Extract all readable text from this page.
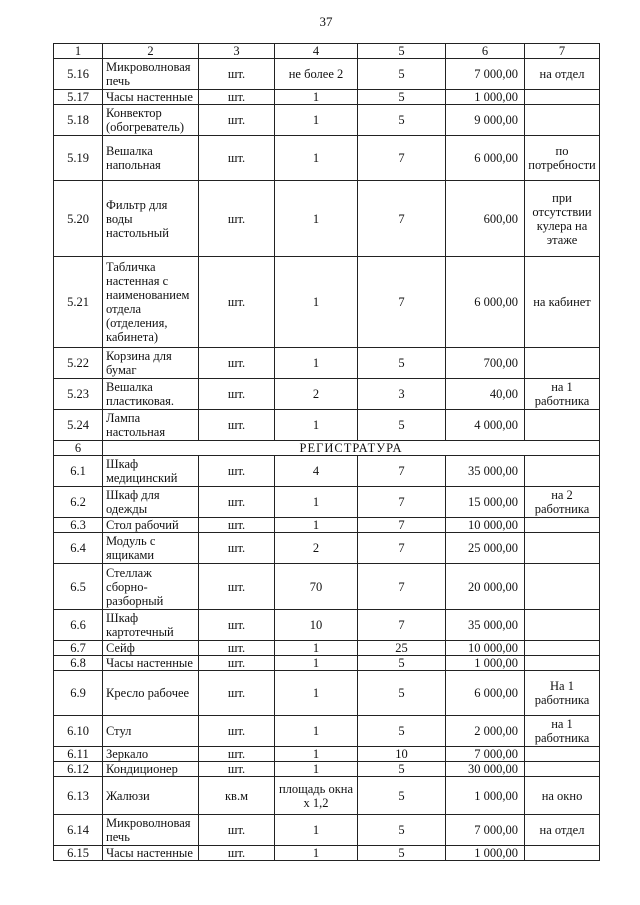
37
1	2	3	4	5	6	7
5.16	Микроволновая печь	шт.	не более 2	5	7 000,00	на отдел
5.17	Часы настенные	шт.	1	5	1 000,00	
5.18	Конвектор (обогреватель)	шт.	1	5	9 000,00	
5.19	Вешалка напольная	шт.	1	7	6 000,00	по потребности
5.20	Фильтр для воды настольный	шт.	1	7	600,00	при отсутствии кулера на этаже
5.21	Табличка настенная с наименованием отдела (отделения, кабинета)	шт.	1	7	6 000,00	на кабинет
5.22	Корзина для бумаг	шт.	1	5	700,00	
5.23	Вешалка пластиковая.	шт.	2	3	40,00	на 1 работника
5.24	Лампа настольная	шт.	1	5	4 000,00	
6	РЕГИСТРАТУРА					
6.1	Шкаф медицинский	шт.	4	7	35 000,00	
6.2	Шкаф для одежды	шт.	1	7	15 000,00	на 2 работника
6.3	Стол рабочий	шт.	1	7	10 000,00	
6.4	Модуль с ящиками	шт.	2	7	25 000,00	
6.5	Стеллаж сборно-разборный	шт.	70	7	20 000,00	
6.6	Шкаф картотечный	шт.	10	7	35 000,00	
6.7	Сейф	шт.	1	25	10 000,00	
6.8	Часы настенные	шт.	1	5	1 000,00	
6.9	Кресло рабочее	шт.	1	5	6 000,00	На 1 работника
6.10	Стул	шт.	1	5	2 000,00	на 1 работника
6.11	Зеркало	шт.	1	10	7 000,00	
6.12	Кондиционер	шт.	1	5	30 000,00	
6.13	Жалюзи	кв.м	площадь окна х 1,2	5	1 000,00	на окно
6.14	Микроволновая печь	шт.	1	5	7 000,00	на отдел
6.15	Часы настенные	шт.	1	5	1 000,00	
